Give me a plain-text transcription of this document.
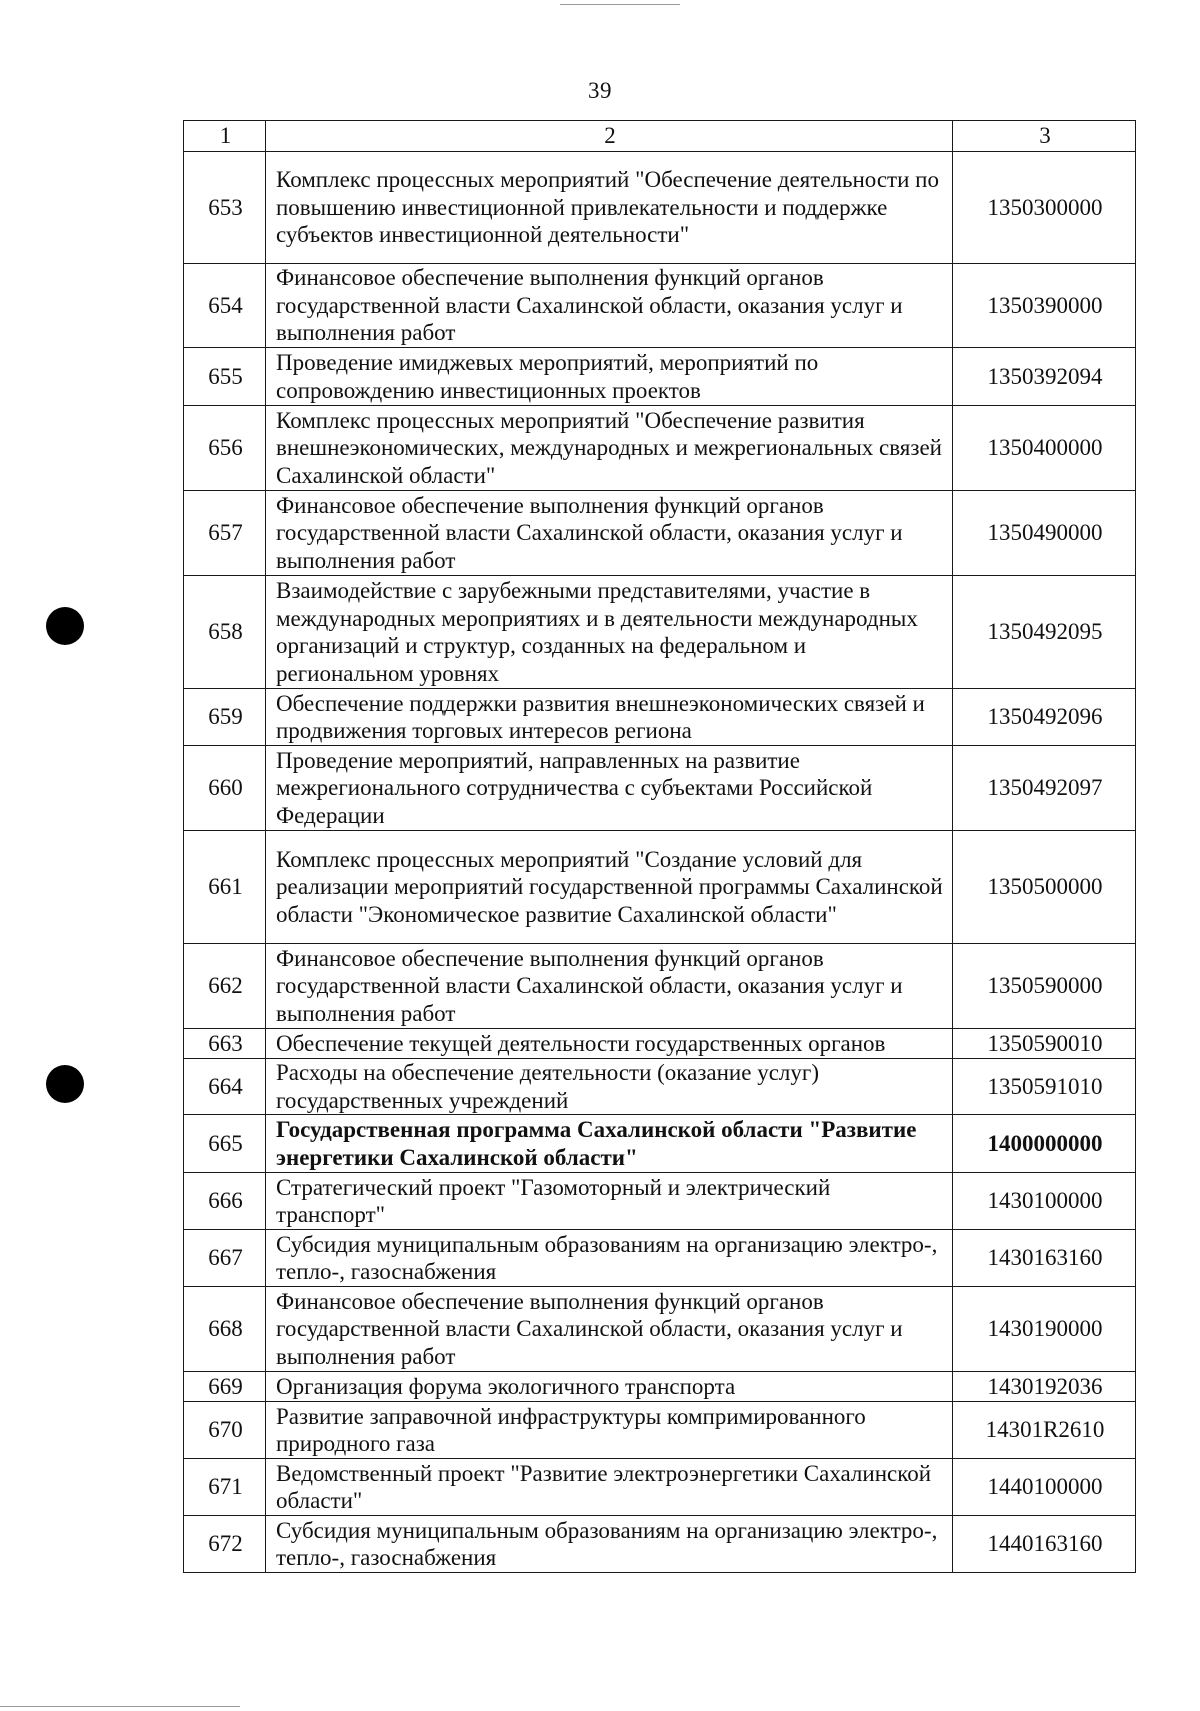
39
1	2	3
653	Комплекс процессных мероприятий "Обеспечение деятельности по повышению инвестиционной привлекательности и поддержке субъектов инвестиционной деятельности"	1350300000
654	Финансовое обеспечение выполнения функций органов государственной власти Сахалинской области, оказания услуг и выполнения работ	1350390000
655	Проведение имиджевых мероприятий, мероприятий по сопровождению инвестиционных проектов	1350392094
656	Комплекс процессных мероприятий "Обеспечение развития внешнеэкономических, международных и межрегиональных связей Сахалинской области"	1350400000
657	Финансовое обеспечение выполнения функций органов государственной власти Сахалинской области, оказания услуг и выполнения работ	1350490000
658	Взаимодействие с зарубежными представителями, участие в международных мероприятиях и в деятельности международных организаций и структур, созданных на федеральном и региональном уровнях	1350492095
659	Обеспечение поддержки развития внешнеэкономических связей и продвижения торговых интересов региона	1350492096
660	Проведение мероприятий, направленных на развитие межрегионального сотрудничества с субъектами Российской Федерации	1350492097
661	Комплекс процессных мероприятий "Создание условий для реализации мероприятий государственной программы Сахалинской области "Экономическое развитие Сахалинской области"	1350500000
662	Финансовое обеспечение выполнения функций органов государственной власти Сахалинской области, оказания услуг и выполнения работ	1350590000
663	Обеспечение текущей деятельности государственных органов	1350590010
664	Расходы на обеспечение деятельности (оказание услуг) государственных учреждений	1350591010
665	Государственная программа Сахалинской области "Развитие энергетики Сахалинской области"	1400000000
666	Стратегический проект "Газомоторный и электрический транспорт"	1430100000
667	Субсидия муниципальным образованиям на организацию электро-, тепло-, газоснабжения	1430163160
668	Финансовое обеспечение выполнения функций органов государственной власти Сахалинской области, оказания услуг и выполнения работ	1430190000
669	Организация форума экологичного транспорта	1430192036
670	Развитие заправочной инфраструктуры компримированного природного газа	14301R2610
671	Ведомственный проект "Развитие электроэнергетики Сахалинской области"	1440100000
672	Субсидия муниципальным образованиям на организацию электро-, тепло-, газоснабжения	1440163160
